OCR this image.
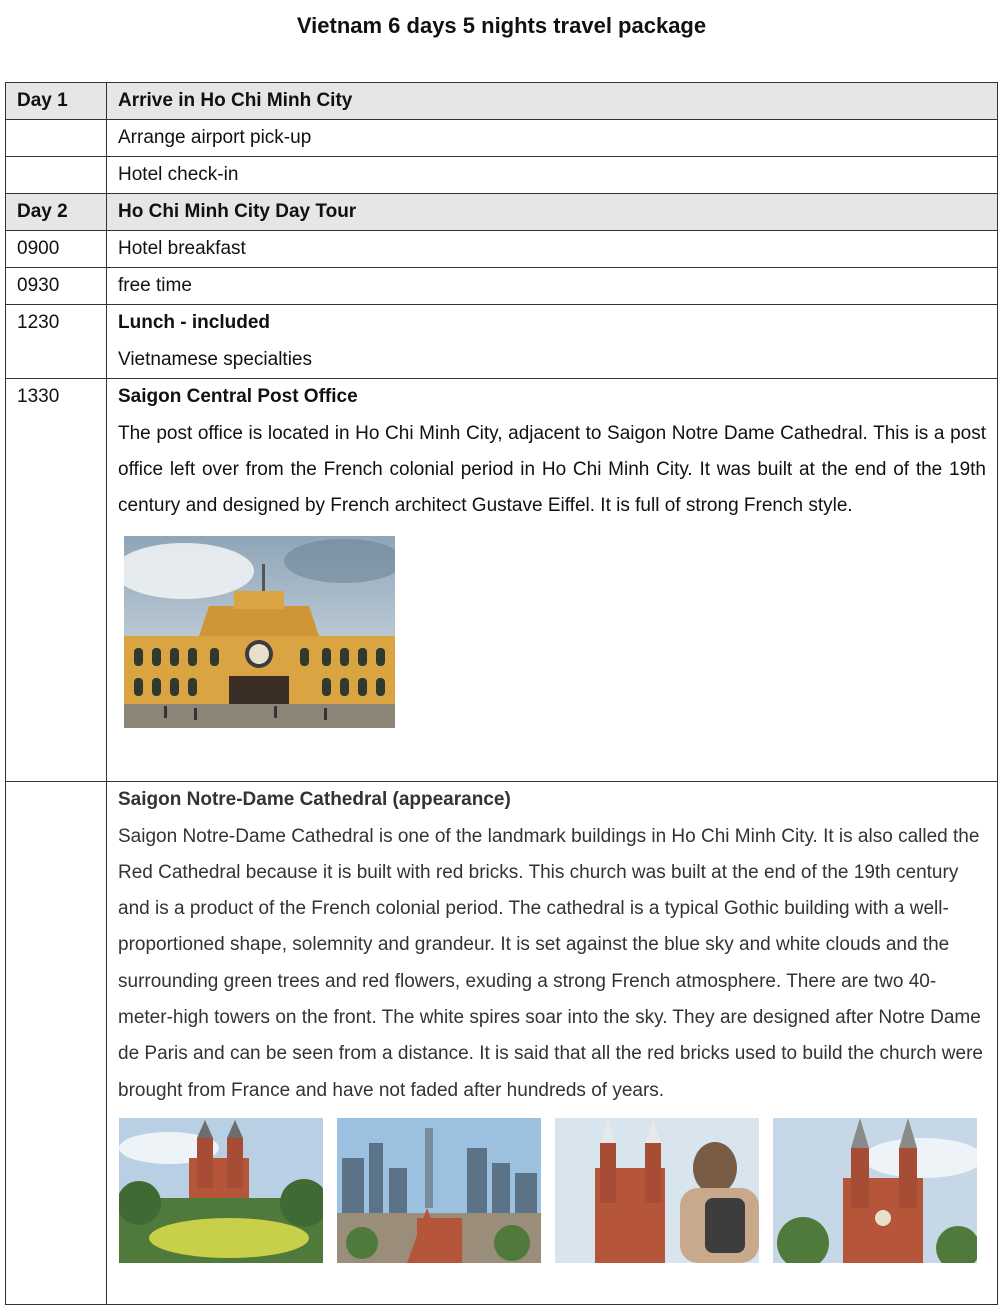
Vietnam 6 days 5 nights travel package
Day 1	Arrive in Ho Chi Minh City
	Arrange airport pick-up
	Hotel check-in
Day 2	Ho Chi Minh City Day Tour
0900	Hotel breakfast
0930	free time

1230	Lunch - included
Vietnamese specialties

1330	Saigon Central Post Office
The post office is located in Ho Chi Minh City, adjacent to Saigon Notre Dame Cathedral. This is a post office left over from the French colonial period in Ho Chi Minh City. It was built at the end of the 19th century and designed by French architect Gustave Eiffel. It is full of strong French style.

	Saigon Notre-Dame Cathedral (appearance)
Saigon Notre-Dame Cathedral is one of the landmark buildings in Ho Chi Minh City. It is also called the Red Cathedral because it is built with red bricks. This church was built at the end of the 19th century and is a product of the French colonial period. The cathedral is a typical Gothic building with a well-proportioned shape, solemnity and grandeur. It is set against the blue sky and white clouds and the surrounding green trees and red flowers, exuding a strong French atmosphere. There are two 40- meter-high towers on the front. The white spires soar into the sky. They are designed after Notre Dame de Paris and can be seen from a distance. It is said that all the red bricks used to build the church were brought from France and have not faded after hundreds of years.
